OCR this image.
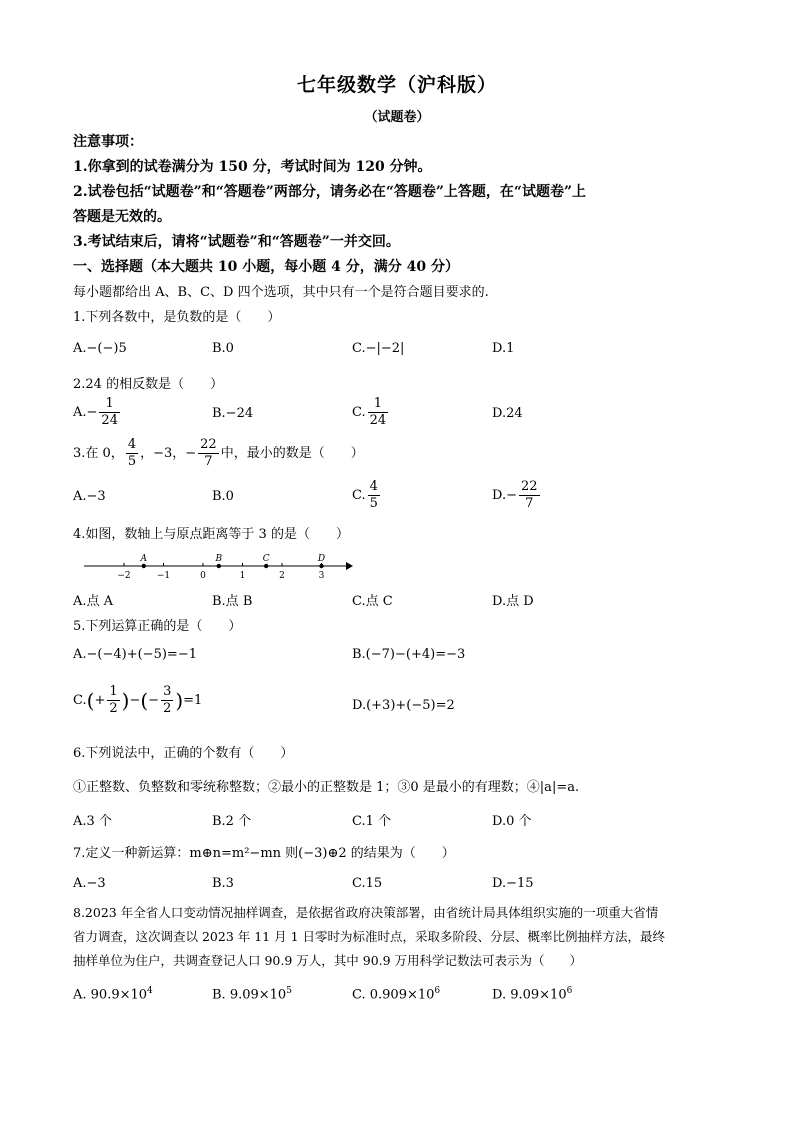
七年级数学（沪科版）
（试题卷）
注意事项：
1.你拿到的试卷满分为 150 分，考试时间为 120 分钟。
2.试卷包括“试题卷”和“答题卷”两部分，请务必在“答题卷”上答题，在“试题卷”上
答题是无效的。
3.考试结束后，请将“试题卷”和“答题卷”一并交回。
一、选择题（本大题共 10 小题，每小题 4 分，满分 40 分）
每小题都给出 A、B、C、D 四个选项，其中只有一个是符合题目要求的.
1.下列各数中，是负数的是（　　）
A.−(−)5	B.0	C.−|−2|	D.1
2.24 的相反数是（　　）
$A.- \frac{1}{24}$	B.−24	C. $\frac{1}{24}$	D.24
3.在 0， $\frac{4}{5}$ ，−3，− $\frac{22}{7}$ 中，最小的数是（　　）
A.−3	B.0	C. $\frac{4}{5}$	$D.- \frac{22}{7}$
4.如图，数轴上与原点距离等于 3 的是（　　）
−2	−1	0	1	2	3
A	B	C	D
A.点 A	B.点 B	C.点 C	D.点 D
5.下列运算正确的是（　　）
A.−(−4)+(−5)=−1	B.(−7)−(+4)=−3
$C.(+ \frac{1}{2}$ )−(− $\frac{3}{2} )=1$	D.(+3)+(−5)=2
6.下列说法中，正确的个数有（　　）
①正整数、负整数和零统称整数；②最小的正整数是 1；③0 是最小的有理数；④|a|=a.
A.3 个	B.2 个	C.1 个	D.0 个
7.定义一种新运算：m⊕n=m²−mn 则(−3)⊕2 的结果为（　　）
A.−3	B.3	C.15	D.−15
8.2023 年全省人口变动情况抽样调查，是依据省政府决策部署，由省统计局具体组织实施的一项重大省情
省力调查，这次调查以 2023 年 11 月 1 日零时为标准时点，采取多阶段、分层、概率比例抽样方法，最终
抽样单位为住户，共调查登记人口 90.9 万人，其中 90.9 万用科学记数法可表示为（　　）
A. $90.9\times 10^4$	B. $9.09\times 10^5$	C. $0.909\times 10^6$	D. $9.09\times 10^6$
